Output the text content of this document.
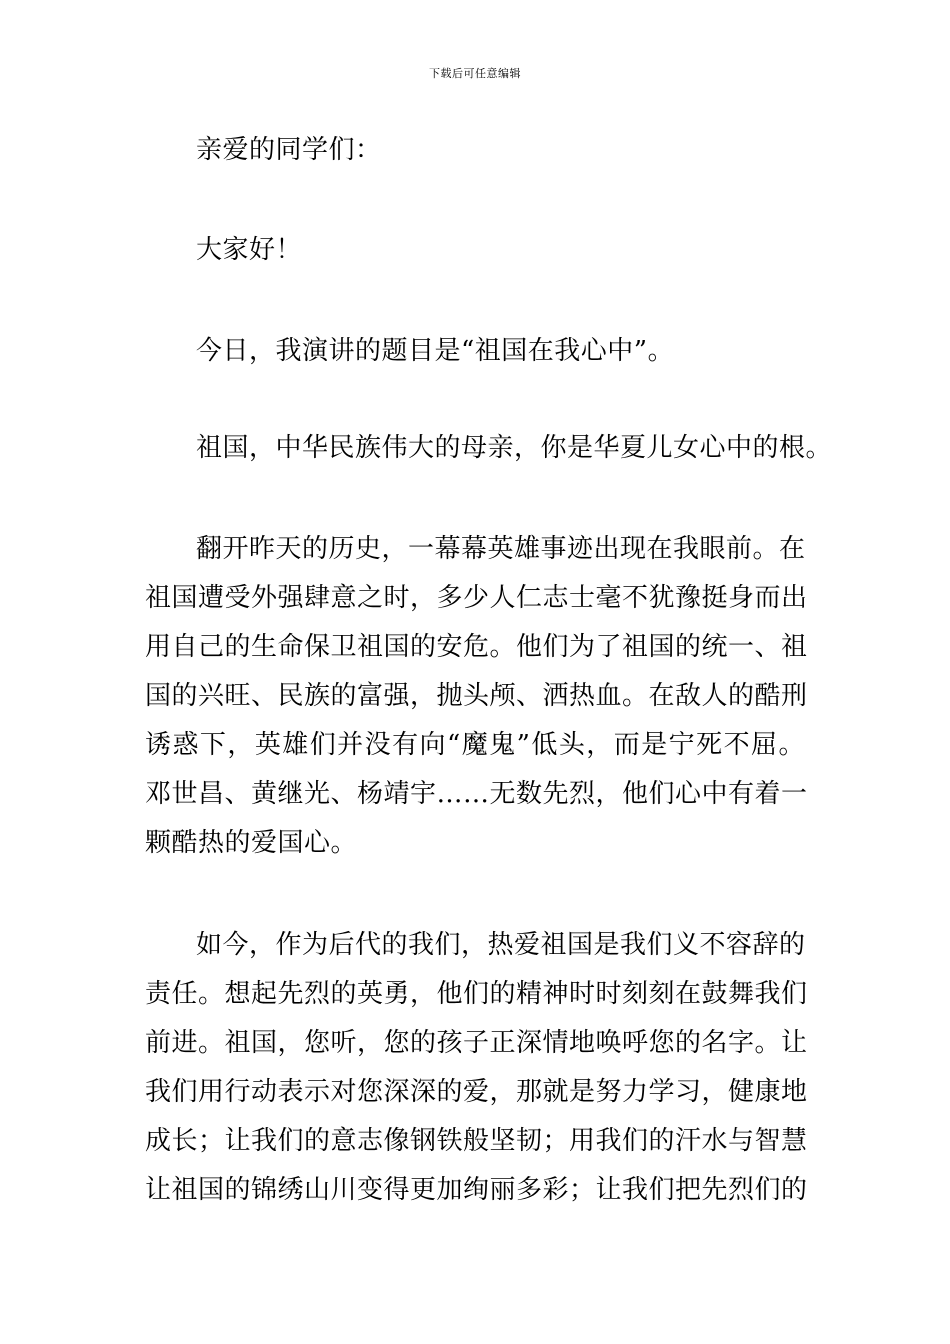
下载后可任意编辑
亲爱的同学们：
大家好！
今日，我演讲的题目是“祖国在我心中”。
祖国，中华民族伟大的母亲，你是华夏儿女心中的根。
翻开昨天的历史，一幕幕英雄事迹出现在我眼前。在
祖国遭受外强肆意之时，多少人仁志士毫不犹豫挺身而出
用自己的生命保卫祖国的安危。他们为了祖国的统一、祖
国的兴旺、民族的富强，抛头颅、洒热血。在敌人的酷刑
诱惑下，英雄们并没有向“魔鬼”低头，而是宁死不屈。
邓世昌、黄继光、杨靖宇……无数先烈，他们心中有着一
颗酷热的爱国心。
如今，作为后代的我们，热爱祖国是我们义不容辞的
责任。想起先烈的英勇，他们的精神时时刻刻在鼓舞我们
前进。祖国，您听，您的孩子正深情地唤呼您的名字。让
我们用行动表示对您深深的爱，那就是努力学习，健康地
成长；让我们的意志像钢铁般坚韧；用我们的汗水与智慧
让祖国的锦绣山川变得更加绚丽多彩；让我们把先烈们的
